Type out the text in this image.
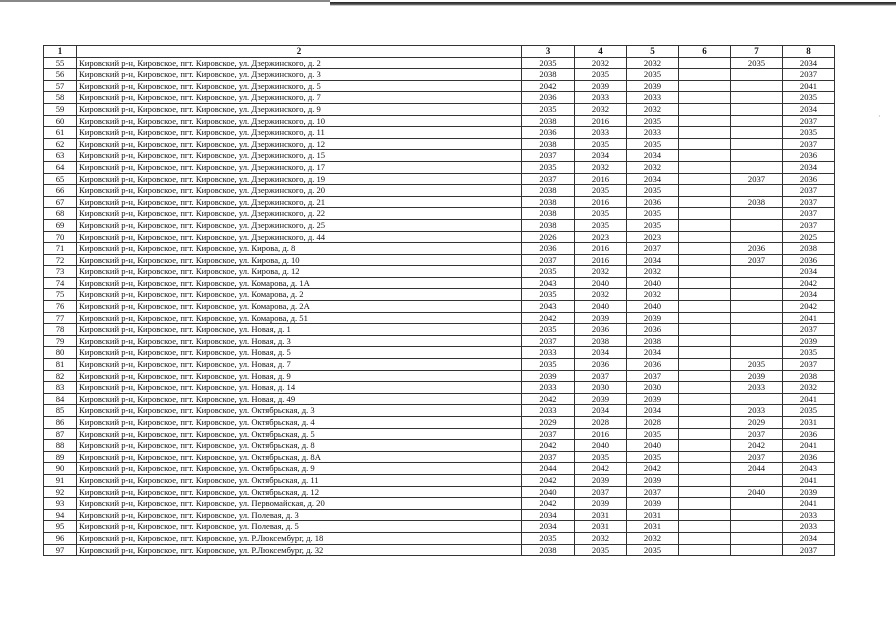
·
1	2	3	4	5	6	7	8
55	Кировский р-н, Кировское, пгт. Кировское, ул. Дзержинского, д. 2	2035	2032	2032		2035	2034
56	Кировский р-н, Кировское, пгт. Кировское, ул. Дзержинского, д. 3	2038	2035	2035			2037
57	Кировский р-н, Кировское, пгт. Кировское, ул. Дзержинского, д. 5	2042	2039	2039			2041
58	Кировский р-н, Кировское, пгт. Кировское, ул. Дзержинского, д. 7	2036	2033	2033			2035
59	Кировский р-н, Кировское, пгт. Кировское, ул. Дзержинского, д. 9	2035	2032	2032			2034
60	Кировский р-н, Кировское, пгт. Кировское, ул. Дзержинского, д. 10	2038	2016	2035			2037
61	Кировский р-н, Кировское, пгт. Кировское, ул. Дзержинского, д. 11	2036	2033	2033			2035
62	Кировский р-н, Кировское, пгт. Кировское, ул. Дзержинского, д. 12	2038	2035	2035			2037
63	Кировский р-н, Кировское, пгт. Кировское, ул. Дзержинского, д. 15	2037	2034	2034			2036
64	Кировский р-н, Кировское, пгт. Кировское, ул. Дзержинского, д. 17	2035	2032	2032			2034
65	Кировский р-н, Кировское, пгт. Кировское, ул. Дзержинского, д. 19	2037	2016	2034		2037	2036
66	Кировский р-н, Кировское, пгт. Кировское, ул. Дзержинского, д. 20	2038	2035	2035			2037
67	Кировский р-н, Кировское, пгт. Кировское, ул. Дзержинского, д. 21	2038	2016	2036		2038	2037
68	Кировский р-н, Кировское, пгт. Кировское, ул. Дзержинского, д. 22	2038	2035	2035			2037
69	Кировский р-н, Кировское, пгт. Кировское, ул. Дзержинского, д. 25	2038	2035	2035			2037
70	Кировский р-н, Кировское, пгт. Кировское, ул. Дзержинского, д. 44	2026	2023	2023			2025
71	Кировский р-н, Кировское, пгт. Кировское, ул. Кирова, д. 8	2036	2016	2037		2036	2038
72	Кировский р-н, Кировское, пгт. Кировское, ул. Кирова, д. 10	2037	2016	2034		2037	2036
73	Кировский р-н, Кировское, пгт. Кировское, ул. Кирова, д. 12	2035	2032	2032			2034
74	Кировский р-н, Кировское, пгт. Кировское, ул. Комарова, д. 1А	2043	2040	2040			2042
75	Кировский р-н, Кировское, пгт. Кировское, ул. Комарова, д. 2	2035	2032	2032			2034
76	Кировский р-н, Кировское, пгт. Кировское, ул. Комарова, д. 2А	2043	2040	2040			2042
77	Кировский р-н, Кировское, пгт. Кировское, ул. Комарова, д. 51	2042	2039	2039			2041
78	Кировский р-н, Кировское, пгт. Кировское, ул. Новая, д. 1	2035	2036	2036			2037
79	Кировский р-н, Кировское, пгт. Кировское, ул. Новая, д. 3	2037	2038	2038			2039
80	Кировский р-н, Кировское, пгт. Кировское, ул. Новая, д. 5	2033	2034	2034			2035
81	Кировский р-н, Кировское, пгт. Кировское, ул. Новая, д. 7	2035	2036	2036		2035	2037
82	Кировский р-н, Кировское, пгт. Кировское, ул. Новая, д. 9	2039	2037	2037		2039	2038
83	Кировский р-н, Кировское, пгт. Кировское, ул. Новая, д. 14	2033	2030	2030		2033	2032
84	Кировский р-н, Кировское, пгт. Кировское, ул. Новая, д. 49	2042	2039	2039			2041
85	Кировский р-н, Кировское, пгт. Кировское, ул. Октябрьская, д. 3	2033	2034	2034		2033	2035
86	Кировский р-н, Кировское, пгт. Кировское, ул. Октябрьская, д. 4	2029	2028	2028		2029	2031
87	Кировский р-н, Кировское, пгт. Кировское, ул. Октябрьская, д. 5	2037	2016	2035		2037	2036
88	Кировский р-н, Кировское, пгт. Кировское, ул. Октябрьская, д. 8	2042	2040	2040		2042	2041
89	Кировский р-н, Кировское, пгт. Кировское, ул. Октябрьская, д. 8А	2037	2035	2035		2037	2036
90	Кировский р-н, Кировское, пгт. Кировское, ул. Октябрьская, д. 9	2044	2042	2042		2044	2043
91	Кировский р-н, Кировское, пгт. Кировское, ул. Октябрьская, д. 11	2042	2039	2039			2041
92	Кировский р-н, Кировское, пгт. Кировское, ул. Октябрьская, д. 12	2040	2037	2037		2040	2039
93	Кировский р-н, Кировское, пгт. Кировское, ул. Первомайская, д. 20	2042	2039	2039			2041
94	Кировский р-н, Кировское, пгт. Кировское, ул. Полевая, д. 3	2034	2031	2031			2033
95	Кировский р-н, Кировское, пгт. Кировское, ул. Полевая, д. 5	2034	2031	2031			2033
96	Кировский р-н, Кировское, пгт. Кировское, ул. Р.Люксембург, д. 18	2035	2032	2032			2034
97	Кировский р-н, Кировское, пгт. Кировское, ул. Р.Люксембург, д. 32	2038	2035	2035			2037
